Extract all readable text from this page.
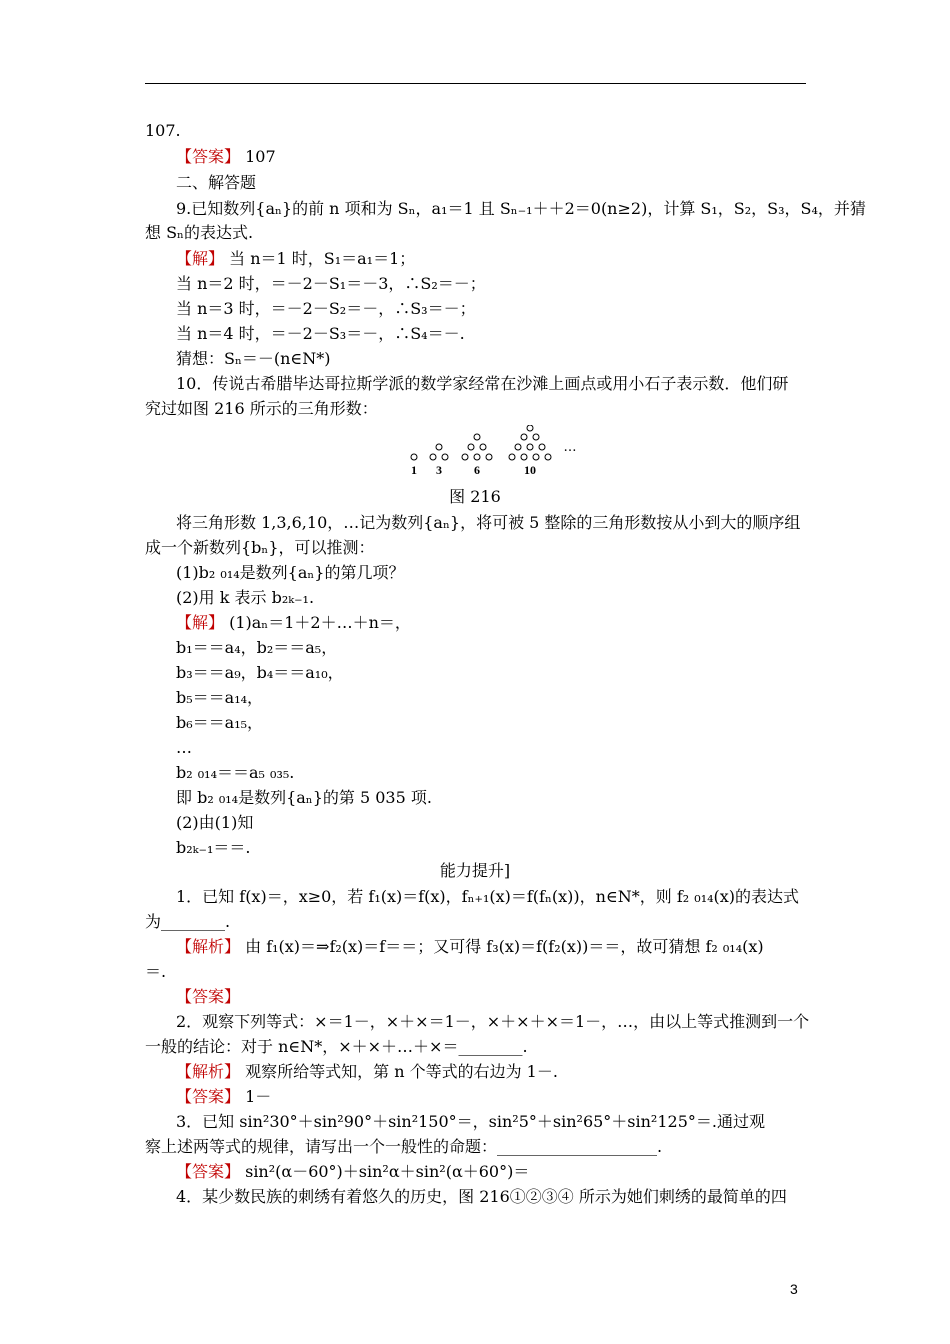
107.
【答案】 107
二、解答题
9.已知数列{aₙ}的前 n 项和为 Sₙ，a₁＝1 且 Sₙ₋₁＋＋2＝0(n≥2)，计算 S₁，S₂，S₃，S₄，并猜
想 Sₙ的表达式.
【解】 当 n＝1 时，S₁＝a₁＝1；
当 n＝2 时，＝－2－S₁＝－3，∴S₂＝－；
当 n＝3 时，＝－2－S₂＝－，∴S₃＝－；
当 n＝4 时，＝－2－S₃＝－，∴S₄＝－.
猜想：Sₙ＝－(n∈N*)
10．传说古希腊毕达哥拉斯学派的数学家经常在沙滩上画点或用小石子表示数．他们研
究过如图 216 所示的三角形数：
…
1 3	6	10
图 216
将三角形数 1,3,6,10，…记为数列{aₙ}，将可被 5 整除的三角形数按从小到大的顺序组
成一个新数列{bₙ}，可以推测：
(1)b₂ ₀₁₄是数列{aₙ}的第几项？
(2)用 k 表示 b₂ₖ₋₁.
【解】 (1)aₙ＝1＋2＋…＋n＝，
b₁＝＝a₄，b₂＝＝a₅，
b₃＝＝a₉，b₄＝＝a₁₀，
b₅＝＝a₁₄，
b₆＝＝a₁₅，
…
b₂ ₀₁₄＝＝a₅ ₀₃₅.
即 b₂ ₀₁₄是数列{aₙ}的第 5 035 项.
(2)由(1)知
b₂ₖ₋₁＝＝.
能力提升]
1．已知 f(x)＝，x≥0，若 f₁(x)＝f(x)，fₙ₊₁(x)＝f(fₙ(x))，n∈N*，则 f₂ ₀₁₄(x)的表达式
为________.
【解析】 由 f₁(x)＝⇒f₂(x)＝f＝＝；又可得 f₃(x)＝f(f₂(x))＝＝，故可猜想 f₂ ₀₁₄(x)
＝.
【答案】
2．观察下列等式：×＝1－，×＋×＝1－，×＋×＋×＝1－，…，由以上等式推测到一个
一般的结论：对于 n∈N*，×＋×＋…＋×＝________.
【解析】 观察所给等式知，第 n 个等式的右边为 1－.
【答案】 1－
3．已知 sin²30°＋sin²90°＋sin²150°＝，sin²5°＋sin²65°＋sin²125°＝.通过观
察上述两等式的规律，请写出一个一般性的命题：____________________.
【答案】 sin²(α－60°)＋sin²α＋sin²(α＋60°)＝
4．某少数民族的刺绣有着悠久的历史，图 216①②③④ 所示为她们刺绣的最简单的四
3
